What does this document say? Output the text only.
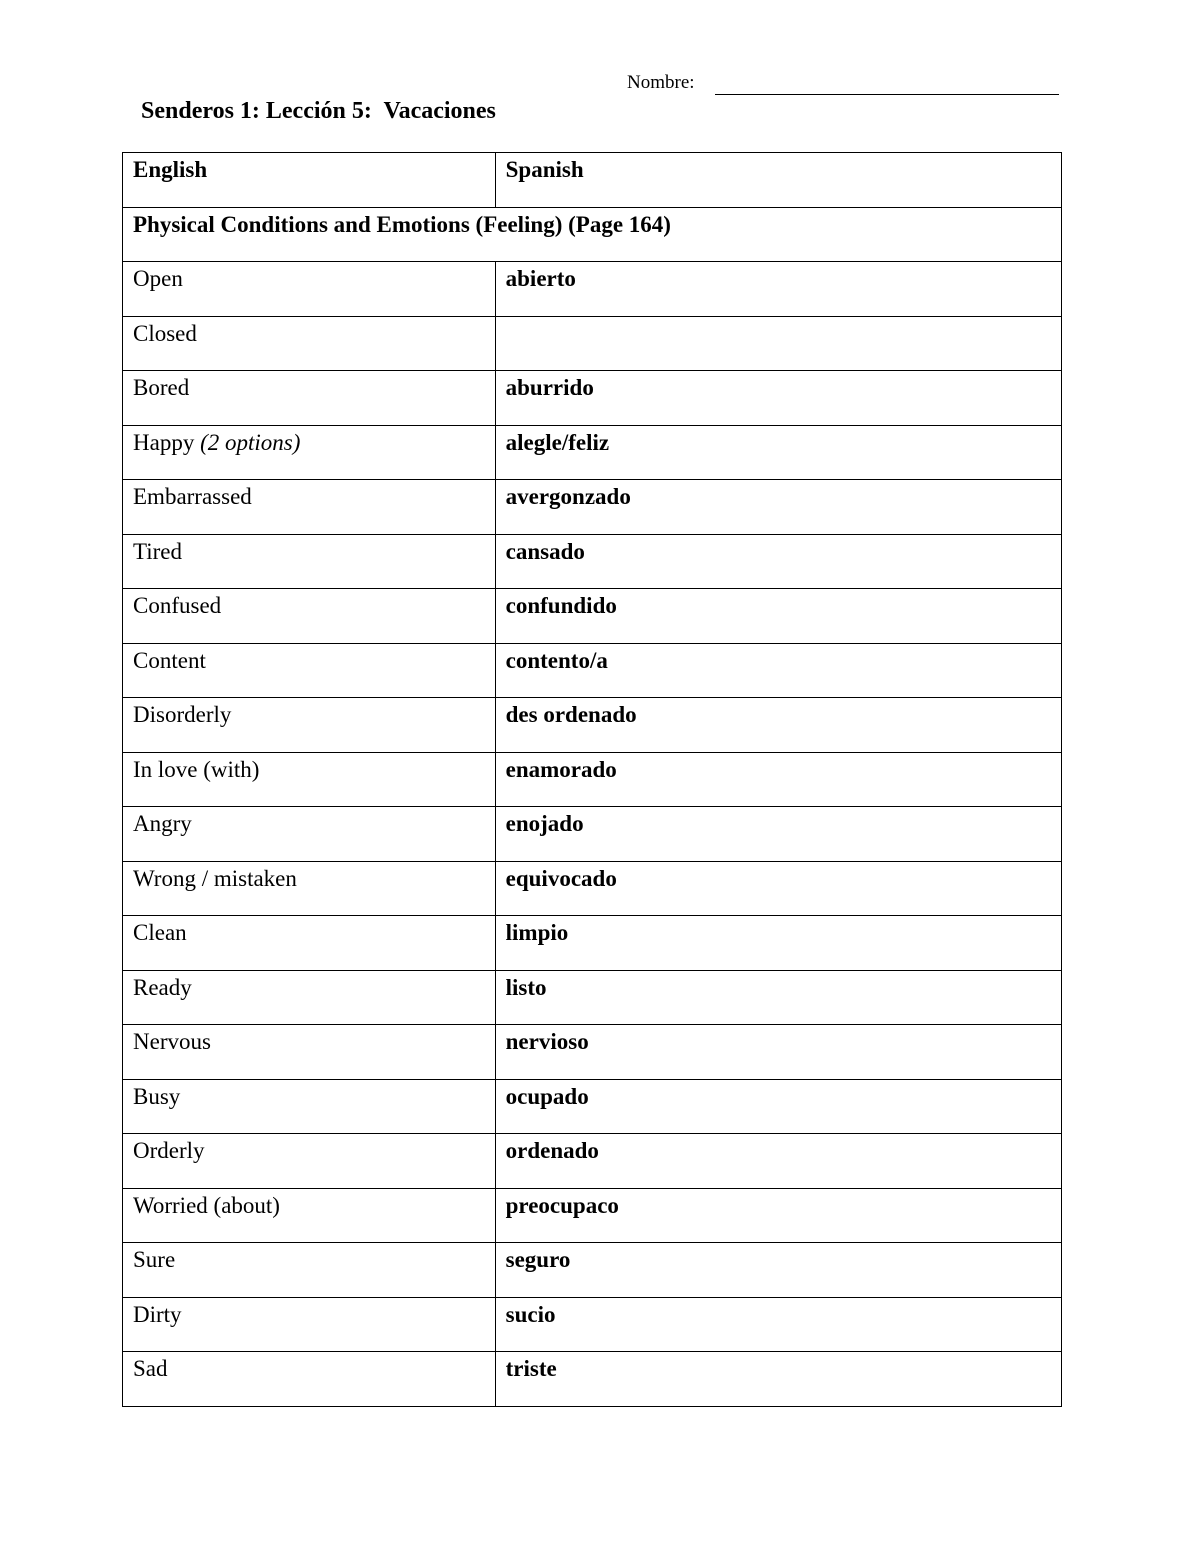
Nombre:
Senderos 1: Lección 5:  Vacaciones
English	Spanish
Physical Conditions and Emotions (Feeling) (Page 164)	
Open	abierto
Closed	
Bored	aburrido
Happy (2 options)	alegle/feliz
Embarrassed	avergonzado
Tired	cansado
Confused	confundido
Content	contento/a
Disorderly	des ordenado
In love (with)	enamorado
Angry	enojado
Wrong / mistaken	equivocado
Clean	limpio
Ready	listo
Nervous	nervioso
Busy	ocupado
Orderly	ordenado
Worried (about)	preocupaco
Sure	seguro
Dirty	sucio
Sad	triste
